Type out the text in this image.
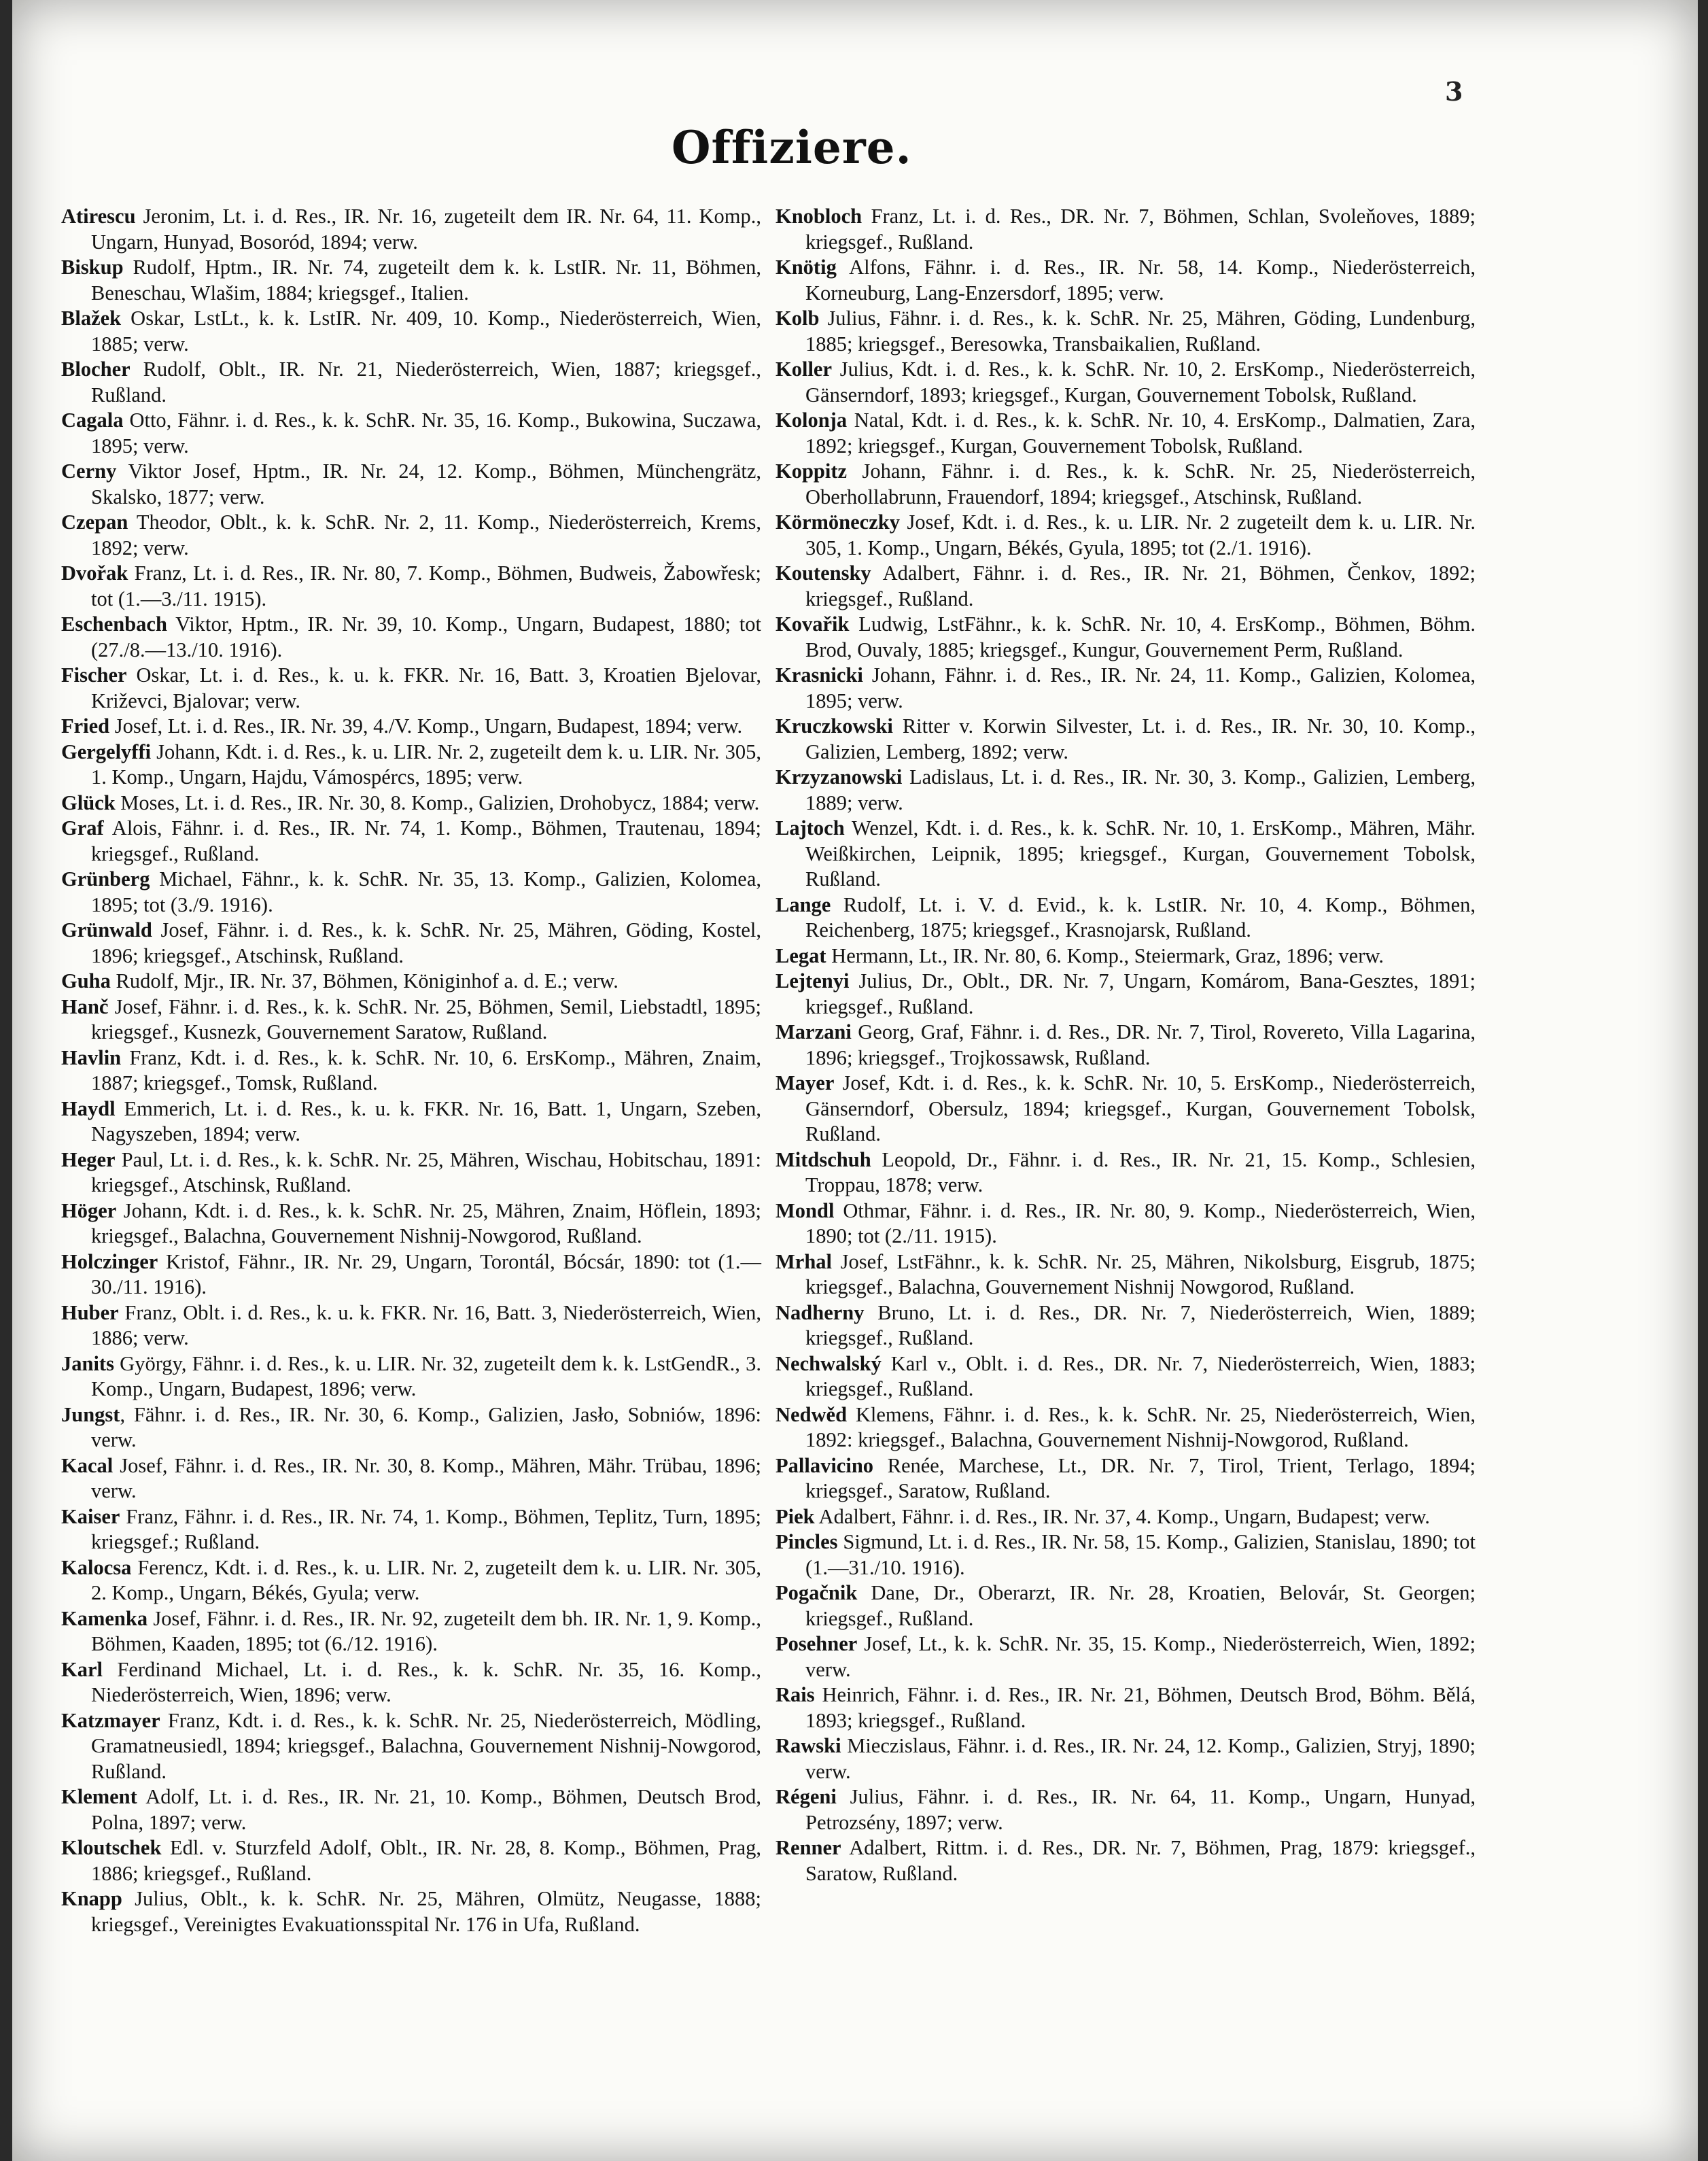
3
Offiziere.

Atirescu Jeronim, Lt. i. d. Res., IR. Nr. 16, zugeteilt dem IR. Nr. 64, 11. Komp., Ungarn, Hunyad, Bosoród, 1894; verw.

Biskup Rudolf, Hptm., IR. Nr. 74, zugeteilt dem k. k. LstIR. Nr. 11, Böhmen, Beneschau, Wlašim, 1884; kriegsgef., Italien.

Blažek Oskar, LstLt., k. k. LstIR. Nr. 409, 10. Komp., Niederösterreich, Wien, 1885; verw.

Blocher Rudolf, Oblt., IR. Nr. 21, Niederösterreich, Wien, 1887; kriegsgef., Rußland.

Cagala Otto, Fähnr. i. d. Res., k. k. SchR. Nr. 35, 16. Komp., Bukowina, Suczawa, 1895; verw.

Cerny Viktor Josef, Hptm., IR. Nr. 24, 12. Komp., Böhmen, Münchengrätz, Skalsko, 1877; verw.

Czepan Theodor, Oblt., k. k. SchR. Nr. 2, 11. Komp., Niederösterreich, Krems, 1892; verw.

Dvořak Franz, Lt. i. d. Res., IR. Nr. 80, 7. Komp., Böhmen, Budweis, Žabowřesk; tot (1.—3./11. 1915).

Eschenbach Viktor, Hptm., IR. Nr. 39, 10. Komp., Ungarn, Budapest, 1880; tot (27./8.—13./10. 1916).

Fischer Oskar, Lt. i. d. Res., k. u. k. FKR. Nr. 16, Batt. 3, Kroatien Bjelovar, Križevci, Bjalovar; verw.

Fried Josef, Lt. i. d. Res., IR. Nr. 39, 4./V. Komp., Ungarn, Budapest, 1894; verw.

Gergelyffi Johann, Kdt. i. d. Res., k. u. LIR. Nr. 2, zugeteilt dem k. u. LIR. Nr. 305, 1. Komp., Ungarn, Hajdu, Vámospércs, 1895; verw.

Glück Moses, Lt. i. d. Res., IR. Nr. 30, 8. Komp., Galizien, Drohobycz, 1884; verw.

Graf Alois, Fähnr. i. d. Res., IR. Nr. 74, 1. Komp., Böhmen, Trautenau, 1894; kriegsgef., Rußland.

Grünberg Michael, Fähnr., k. k. SchR. Nr. 35, 13. Komp., Galizien, Kolomea, 1895; tot (3./9. 1916).

Grünwald Josef, Fähnr. i. d. Res., k. k. SchR. Nr. 25, Mähren, Göding, Kostel, 1896; kriegsgef., Atschinsk, Rußland.

Guha Rudolf, Mjr., IR. Nr. 37, Böhmen, Königinhof a. d. E.; verw.

Hanč Josef, Fähnr. i. d. Res., k. k. SchR. Nr. 25, Böhmen, Semil, Liebstadtl, 1895; kriegsgef., Kusnezk, Gouvernement Saratow, Rußland.

Havlin Franz, Kdt. i. d. Res., k. k. SchR. Nr. 10, 6. ErsKomp., Mähren, Znaim, 1887; kriegsgef., Tomsk, Rußland.

Haydl Emmerich, Lt. i. d. Res., k. u. k. FKR. Nr. 16, Batt. 1, Ungarn, Szeben, Nagyszeben, 1894; verw.

Heger Paul, Lt. i. d. Res., k. k. SchR. Nr. 25, Mähren, Wischau, Hobitschau, 1891: kriegsgef., Atschinsk, Rußland.

Höger Johann, Kdt. i. d. Res., k. k. SchR. Nr. 25, Mähren, Znaim, Höflein, 1893; kriegsgef., Balachna, Gouvernement Nishnij-Nowgorod, Rußland.

Holczinger Kristof, Fähnr., IR. Nr. 29, Ungarn, Torontál, Bócsár, 1890: tot (1.—30./11. 1916).

Huber Franz, Oblt. i. d. Res., k. u. k. FKR. Nr. 16, Batt. 3, Niederösterreich, Wien, 1886; verw.

Janits György, Fähnr. i. d. Res., k. u. LIR. Nr. 32, zugeteilt dem k. k. LstGendR., 3. Komp., Ungarn, Budapest, 1896; verw.

Jungst, Fähnr. i. d. Res., IR. Nr. 30, 6. Komp., Galizien, Jasło, Sobniów, 1896: verw.

Kacal Josef, Fähnr. i. d. Res., IR. Nr. 30, 8. Komp., Mähren, Mähr. Trübau, 1896; verw.

Kaiser Franz, Fähnr. i. d. Res., IR. Nr. 74, 1. Komp., Böhmen, Teplitz, Turn, 1895; kriegsgef.; Rußland.

Kalocsa Ferencz, Kdt. i. d. Res., k. u. LIR. Nr. 2, zugeteilt dem k. u. LIR. Nr. 305, 2. Komp., Ungarn, Békés, Gyula; verw.

Kamenka Josef, Fähnr. i. d. Res., IR. Nr. 92, zugeteilt dem bh. IR. Nr. 1, 9. Komp., Böhmen, Kaaden, 1895; tot (6./12. 1916).

Karl Ferdinand Michael, Lt. i. d. Res., k. k. SchR. Nr. 35, 16. Komp., Niederösterreich, Wien, 1896; verw.

Katzmayer Franz, Kdt. i. d. Res., k. k. SchR. Nr. 25, Niederösterreich, Mödling, Gramatneusiedl, 1894; kriegsgef., Balachna, Gouvernement Nishnij-Nowgorod, Rußland.

Klement Adolf, Lt. i. d. Res., IR. Nr. 21, 10. Komp., Böhmen, Deutsch Brod, Polna, 1897; verw.

Kloutschek Edl. v. Sturzfeld Adolf, Oblt., IR. Nr. 28, 8. Komp., Böhmen, Prag, 1886; kriegsgef., Rußland.

Knapp Julius, Oblt., k. k. SchR. Nr. 25, Mähren, Olmütz, Neugasse, 1888; kriegsgef., Vereinigtes Evakuationsspital Nr. 176 in Ufa, Rußland.

Knobloch Franz, Lt. i. d. Res., DR. Nr. 7, Böhmen, Schlan, Svoleňoves, 1889; kriegsgef., Rußland.

Knötig Alfons, Fähnr. i. d. Res., IR. Nr. 58, 14. Komp., Niederösterreich, Korneuburg, Lang-Enzersdorf, 1895; verw.

Kolb Julius, Fähnr. i. d. Res., k. k. SchR. Nr. 25, Mähren, Göding, Lundenburg, 1885; kriegsgef., Beresowka, Transbaikalien, Rußland.

Koller Julius, Kdt. i. d. Res., k. k. SchR. Nr. 10, 2. ErsKomp., Niederösterreich, Gänserndorf, 1893; kriegsgef., Kurgan, Gouvernement Tobolsk, Rußland.

Kolonja Natal, Kdt. i. d. Res., k. k. SchR. Nr. 10, 4. ErsKomp., Dalmatien, Zara, 1892; kriegsgef., Kurgan, Gouvernement Tobolsk, Rußland.

Koppitz Johann, Fähnr. i. d. Res., k. k. SchR. Nr. 25, Niederösterreich, Oberhollabrunn, Frauendorf, 1894; kriegsgef., Atschinsk, Rußland.

Körmöneczky Josef, Kdt. i. d. Res., k. u. LIR. Nr. 2 zugeteilt dem k. u. LIR. Nr. 305, 1. Komp., Ungarn, Békés, Gyula, 1895; tot (2./1. 1916).

Koutensky Adalbert, Fähnr. i. d. Res., IR. Nr. 21, Böhmen, Čenkov, 1892; kriegsgef., Rußland.

Kovařik Ludwig, LstFähnr., k. k. SchR. Nr. 10, 4. ErsKomp., Böhmen, Böhm. Brod, Ouvaly, 1885; kriegsgef., Kungur, Gouvernement Perm, Rußland.

Krasnicki Johann, Fähnr. i. d. Res., IR. Nr. 24, 11. Komp., Galizien, Kolomea, 1895; verw.

Kruczkowski Ritter v. Korwin Silvester, Lt. i. d. Res., IR. Nr. 30, 10. Komp., Galizien, Lemberg, 1892; verw.

Krzyzanowski Ladislaus, Lt. i. d. Res., IR. Nr. 30, 3. Komp., Galizien, Lemberg, 1889; verw.

Lajtoch Wenzel, Kdt. i. d. Res., k. k. SchR. Nr. 10, 1. ErsKomp., Mähren, Mähr. Weißkirchen, Leipnik, 1895; kriegsgef., Kurgan, Gouvernement Tobolsk, Rußland.

Lange Rudolf, Lt. i. V. d. Evid., k. k. LstIR. Nr. 10, 4. Komp., Böhmen, Reichenberg, 1875; kriegsgef., Krasnojarsk, Rußland.

Legat Hermann, Lt., IR. Nr. 80, 6. Komp., Steiermark, Graz, 1896; verw.

Lejtenyi Julius, Dr., Oblt., DR. Nr. 7, Ungarn, Komárom, Bana-Gesztes, 1891; kriegsgef., Rußland.

Marzani Georg, Graf, Fähnr. i. d. Res., DR. Nr. 7, Tirol, Rovereto, Villa Lagarina, 1896; kriegsgef., Trojkossawsk, Rußland.

Mayer Josef, Kdt. i. d. Res., k. k. SchR. Nr. 10, 5. ErsKomp., Niederösterreich, Gänserndorf, Obersulz, 1894; kriegsgef., Kurgan, Gouvernement Tobolsk, Rußland.

Mitdschuh Leopold, Dr., Fähnr. i. d. Res., IR. Nr. 21, 15. Komp., Schlesien, Troppau, 1878; verw.

Mondl Othmar, Fähnr. i. d. Res., IR. Nr. 80, 9. Komp., Niederösterreich, Wien, 1890; tot (2./11. 1915).

Mrhal Josef, LstFähnr., k. k. SchR. Nr. 25, Mähren, Nikolsburg, Eisgrub, 1875; kriegsgef., Balachna, Gouvernement Nishnij Nowgorod, Rußland.

Nadherny Bruno, Lt. i. d. Res., DR. Nr. 7, Niederösterreich, Wien, 1889; kriegsgef., Rußland.

Nechwalský Karl v., Oblt. i. d. Res., DR. Nr. 7, Niederösterreich, Wien, 1883; kriegsgef., Rußland.

Nedwěd Klemens, Fähnr. i. d. Res., k. k. SchR. Nr. 25, Niederösterreich, Wien, 1892: kriegsgef., Balachna, Gouvernement Nishnij-Nowgorod, Rußland.

Pallavicino Renée, Marchese, Lt., DR. Nr. 7, Tirol, Trient, Terlago, 1894; kriegsgef., Saratow, Rußland.

Piek Adalbert, Fähnr. i. d. Res., IR. Nr. 37, 4. Komp., Ungarn, Budapest; verw.

Pincles Sigmund, Lt. i. d. Res., IR. Nr. 58, 15. Komp., Galizien, Stanislau, 1890; tot (1.—31./10. 1916).

Pogačnik Dane, Dr., Oberarzt, IR. Nr. 28, Kroatien, Belovár, St. Georgen; kriegsgef., Rußland.

Posehner Josef, Lt., k. k. SchR. Nr. 35, 15. Komp., Niederösterreich, Wien, 1892; verw.

Rais Heinrich, Fähnr. i. d. Res., IR. Nr. 21, Böhmen, Deutsch Brod, Böhm. Bělá, 1893; kriegsgef., Rußland.

Rawski Mieczislaus, Fähnr. i. d. Res., IR. Nr. 24, 12. Komp., Galizien, Stryj, 1890; verw.

Régeni Julius, Fähnr. i. d. Res., IR. Nr. 64, 11. Komp., Ungarn, Hunyad, Petrozsény, 1897; verw.

Renner Adalbert, Rittm. i. d. Res., DR. Nr. 7, Böhmen, Prag, 1879: kriegsgef., Saratow, Rußland.
